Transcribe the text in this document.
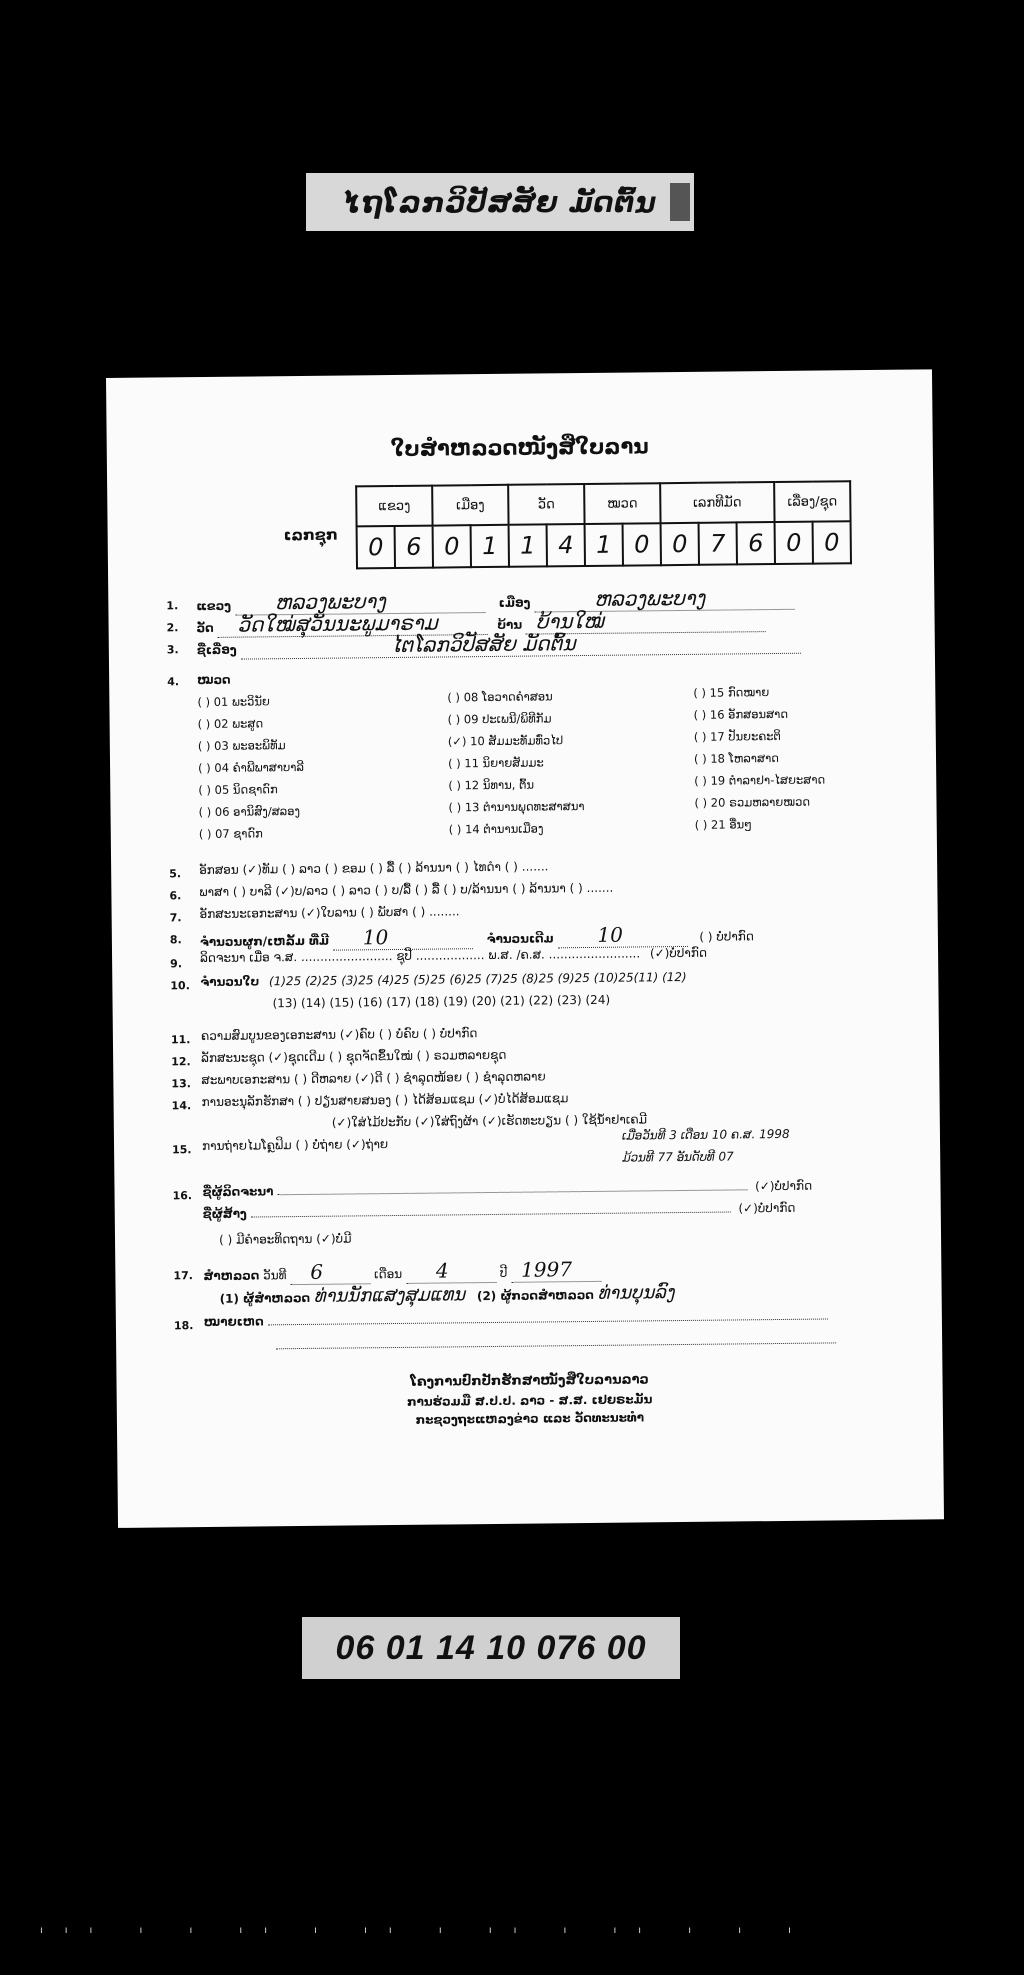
ໄຖໂລກວິປັສສັຍ ມັດຕົ້ນ
ໃບສໍາຫລວດໜັງສືໃບລານ
ເລກຊຸກ
ແຂວງ		ເມືອງ		ວັດ		ໝວດ		ເລກທີມັດ			ເລື່ອງ/ຊຸດ	
0	6	0	1	1	4	1	0	0	7	6	0	0
1. ແຂວງ ຫລວງພະບາງ	ເມືອງ	ຫລວງພະບາງ
2. ວັດ ວັດໃໝ່ສຸວັນນະພູມາຣາມ	ບ້ານ ບ້ານໃໝ່
3. ຊື່ເລື່ອງ	ໄຕໂລກວິປັສສັຍ ມັດຕົ້ນ
4. ໝວດ
( ) 01 ພະວິນັຍ	( ) 08 ໂອວາດຄໍາສອນ	( ) 15 ກົດໝາຍ
( ) 02 ພະສູດ	( ) 09 ປະເພນີ/ພິທີກັມ	( ) 16 ອັກສອນສາດ
( ) 03 ພະອະພິທັມ	(✓) 10 ສັມມະທັມທົ່ວໄປ	( ) 17 ປັນຍະຄະຕິ
( ) 04 ຄໍາພີພາສາບາລີ	( ) 11 ນິຍາຍສັມມະ	( ) 18 ໂຫລາສາດ
( ) 05 ນິດຊາດົກ	( ) 12 ນິທານ, ຕົ້ນ	( ) 19 ຕໍາລາຢາ-ໄສຍະສາດ
( ) 06 ອານິສົງ/ສລອງ	( ) 13 ຕໍານານພຸດທະສາສນາ	( ) 20 ຣວມຫລາຍໝວດ
( ) 07 ຊາດົກ	( ) 14 ຕໍານານເມືອງ	( ) 21 ອື່ນໆ
5. ອັກສອນ (✓)ທັມ ( ) ລາວ ( ) ຂອມ ( ) ລື້ ( ) ລ້ານນາ ( ) ໄທດໍາ ( ) .......
6. ພາສາ ( ) ບາລີ (✓)ບ/ລາວ ( ) ລາວ ( ) ບ/ລື້ ( ) ລື້ ( ) ບ/ລ້ານນາ ( ) ລ້ານນາ ( ) .......
7. ອັກສະນະເອກະສານ (✓)ໃບລານ ( ) ພັບສາ ( ) ........
8. ຈໍານວນຜູກ/ເຫລັ້ມ ທີ່ມີ 10	ຈໍານວນເດີມ 10	( ) ບໍ່ປາກົດ
9. ລິດຈະນາ ເມື່ອ ຈ.ສ. ........................ ຊຸປີ .................. ພ.ສ. /ຄ.ສ. ........................ (✓)ບໍ່ປາກົດ
10. ຈໍານວນໃບ (1)25 (2)25 (3)25 (4)25 (5)25 (6)25 (7)25 (8)25 (9)25 (10)25(11) (12)
(13) (14) (15) (16) (17) (18) (19) (20) (21) (22) (23) (24)
11. ຄວາມສົມບູນຂອງເອກະສານ (✓)ຄົບ ( ) ບໍ່ຄົບ ( ) ບໍ່ປາກົດ
12. ລັກສະນະຊຸດ (✓)ຊຸດເດີມ ( ) ຊຸດຈັດຂຶ້ນໃໝ່ ( ) ຣວມຫລາຍຊຸດ
13. ສະພາບເອກະສານ ( ) ດີຫລາຍ (✓)ດີ ( ) ຊໍາລຸດໜ້ອຍ ( ) ຊໍາລຸດຫລາຍ
14. ການອະນຸລັກຮັກສາ ( ) ປຽ່ນສາຍສນອງ ( ) ໄດ້ສ້ອມແຊມ (✓)ບໍ່ໄດ້ສ້ອມແຊມ
(✓)ໃສ່ໄມ້ປະກັບ (✓)ໃສ່ຖົງຜ້າ (✓)ເຮັດທະບຽນ ( ) ໃຊ້ນ້ໍາຢາເຄມີ
15. ການຖ່າຍໄມໂຄຼຟິມ ( ) ບໍ່ຖ່າຍ (✓)ຖ່າຍ
ເມື່ອວັນທີ 3 ເດືອນ 10 ຄ.ສ. 1998
ມ້ວນທີ 77 ອັນດັບທີ 07
16. ຊື່ຜູ້ລິດຈະນາ	(✓)ບໍ່ປາກົດ
ຊື່ຜູ້ສ້າງ	(✓)ບໍ່ປາກົດ
( ) ມີຄໍາອະທິດຖານ (✓)ບໍ່ມີ
17. ສໍາຫລວດ ວັນທີ 6	ເດືອນ 4	ປີ 1997
(1) ຜູ້ສໍາຫລວດ ທ່ານນັກແສງສຸມແທນ (2) ຜູ້ກວດສໍາຫລວດ ທ່ານບຸນລົງ
18. ໝາຍເຫດ
ໂຄງການປົກປັກຮັກສາໜັງສືໃບລານລາວ
ການຮ່ວມມື ສ.ປ.ປ. ລາວ - ສ.ສ. ເຢຍຣະມັນ
ກະຊວງຖະແຫລງຂ່າວ ແລະ ວັດທະນະທໍາ
06 01 14 10 076 00
ııı ı ı ıı ı ıı ı ıı ı ıı ı ı ı
